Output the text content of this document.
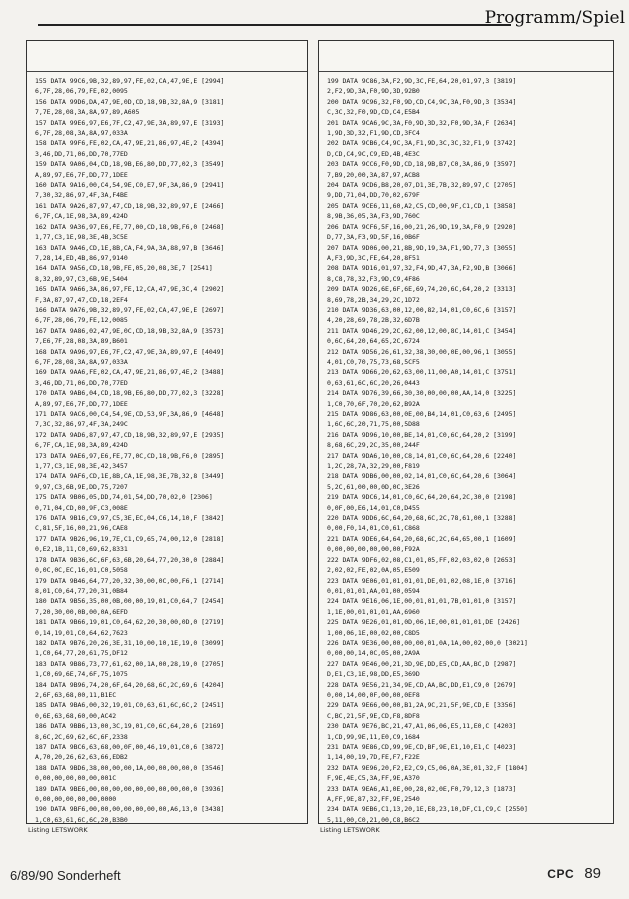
Programm/Spiel
155 DATA 99C6,9B,32,89,97,FE,02,CA,47,9E,E [2994]
6,7F,28,06,79,FE,02,0095
156 DATA 99D6,DA,47,9E,0D,CD,18,9B,32,8A,9 [3181]
7,7E,28,08,3A,8A,97,89,A605
157 DATA 99E6,97,E6,7F,C2,47,9E,3A,89,97,E [3193]
6,7F,28,08,3A,8A,97,033A
158 DATA 99F6,FE,02,CA,47,9E,21,86,97,4E,2 [4394]
3,46,DD,71,06,DD,70,77ED
159 DATA 9A06,04,CD,18,9B,E6,80,DD,77,02,3 [3549]
A,89,97,E6,7F,DD,77,1DEE
160 DATA 9A16,00,C4,54,9E,C0,E7,9F,3A,86,9 [2941]
7,30,32,86,97,4F,3A,F4BE
161 DATA 9A26,87,97,47,CD,18,9B,32,89,97,E [2466]
6,7F,CA,1E,98,3A,89,424D
162 DATA 9A36,97,E6,FE,77,00,CD,18,9B,F6,0 [2468]
1,77,C3,1E,98,3E,4B,3C5E
163 DATA 9A46,CD,1E,8B,CA,F4,9A,3A,88,97,B [3646]
7,28,14,ED,4B,86,97,9140
164 DATA 9A56,CD,18,9B,FE,05,20,08,3E,7 [2541]
8,32,89,97,C3,6B,9E,5404
165 DATA 9A66,3A,86,97,FE,12,CA,47,9E,3C,4 [2902]
F,3A,87,97,47,CD,18,2EF4
166 DATA 9A76,9B,32,89,97,FE,02,CA,47,9E,E [2697]
6,7F,28,06,79,FE,12,0085
167 DATA 9A86,02,47,9E,0C,CD,18,9B,32,8A,9 [3573]
7,E6,7F,28,08,3A,89,B601
168 DATA 9A96,97,E6,7F,C2,47,9E,3A,89,97,E [4049]
6,7F,28,08,3A,8A,97,033A
169 DATA 9AA6,FE,02,CA,47,9E,21,86,97,4E,2 [3488]
3,46,DD,71,06,DD,70,77ED
170 DATA 9AB6,04,CD,18,9B,E6,80,DD,77,02,3 [3228]
A,89,97,E6,7F,DD,77,1DEE
171 DATA 9AC6,00,C4,54,9E,CD,53,9F,3A,86,9 [4648]
7,3C,32,86,97,4F,3A,249C
172 DATA 9AD6,87,97,47,CD,18,9B,32,89,97,E [2935]
6,7F,CA,1E,98,3A,89,424D
173 DATA 9AE6,97,E6,FE,77,0C,CD,18,9B,F6,0 [2895]
1,77,C3,1E,98,3E,42,3457
174 DATA 9AF6,CD,1E,8B,CA,1E,98,3E,7B,32,8 [3449]
9,97,C3,6B,9E,DD,75,7207
175 DATA 9B06,05,DD,74,01,54,DD,70,02,0 [2306]
0,71,04,CD,00,9F,C3,008E
176 DATA 9B16,C9,97,C5,3E,EC,04,C6,14,10,F [3842]
C,81,5F,16,00,21,96,CAE8
177 DATA 9B26,96,19,7E,C1,C9,65,74,00,12,0 [2818]
0,E2,1B,11,C0,69,62,8331
178 DATA 9B36,6C,6F,63,6B,20,64,77,20,30,0 [2884]
0,0C,0C,EC,16,01,C0,5058
179 DATA 9B46,64,77,20,32,30,00,0C,00,F6,1 [2714]
8,01,C0,64,77,20,31,0B84
180 DATA 9B56,35,00,0B,00,00,19,01,C0,64,7 [2454]
7,20,30,00,0B,00,0A,6EFD
181 DATA 9B66,19,01,C0,64,62,20,30,00,0D,0 [2719]
0,14,19,01,C0,64,62,7623
182 DATA 9B76,20,26,3E,31,10,00,10,1E,19,0 [3099]
1,C0,64,77,20,61,75,DF12
183 DATA 9B86,73,77,61,62,00,1A,00,28,19,0 [2705]
1,C0,69,6E,74,6F,75,1075
184 DATA 9B96,74,20,6F,64,20,68,6C,2C,69,6 [4204]
2,6F,63,68,00,11,B1EC
185 DATA 9BA6,00,32,19,01,C0,63,61,6C,6C,2 [2451]
0,6E,63,68,60,00,AC42
186 DATA 9BB6,13,00,3C,19,01,C0,6C,64,20,6 [2169]
8,6C,2C,69,62,6C,6F,2338
187 DATA 9BC6,63,68,00,0F,00,46,19,01,C0,6 [3872]
A,70,20,26,62,63,66,EDB2
188 DATA 9BD6,38,00,00,00,1A,00,00,00,00,0 [3546]
0,00,00,00,00,00,001C
189 DATA 9BE6,00,00,00,00,00,00,00,00,00,0 [3936]
0,00,00,00,00,00,0000
190 DATA 9BF6,00,00,00,00,00,00,00,A6,13,0 [3438]
1,C0,63,61,6C,6C,20,B3B0
199 DATA 9C86,3A,F2,9D,3C,FE,64,20,01,97,3 [3819]
2,F2,9D,3A,F0,9D,3D,92B0
200 DATA 9C96,32,F0,9D,CD,C4,9C,3A,F0,9D,3 [3534]
C,3C,32,F0,9D,CD,C4,E5B4
201 DATA 9CA6,9C,3A,F0,9D,3D,32,F0,9D,3A,F [2634]
1,9D,3D,32,F1,9D,CD,3FC4
202 DATA 9CB6,C4,9C,3A,F1,9D,3C,3C,32,F1,9 [3742]
D,CD,C4,9C,C9,ED,4B,4E3C
203 DATA 9CC6,F0,9D,CD,18,9B,B7,C0,3A,86,9 [3597]
7,B9,20,00,3A,87,97,ACB8
204 DATA 9CD6,B8,20,07,D1,3E,7B,32,89,97,C [2705]
9,DD,71,04,DD,70,02,679F
205 DATA 9CE6,11,60,A2,C5,CD,00,9F,C1,CD,1 [3858]
8,9B,36,05,3A,F3,9D,760C
206 DATA 9CF6,5F,16,00,21,26,9D,19,3A,F0,9 [2920]
D,77,3A,F3,9D,5F,16,0B6F
207 DATA 9D06,00,21,8B,9D,19,3A,F1,9D,77,3 [3055]
A,F3,9D,3C,FE,64,20,8F51
208 DATA 9D16,01,97,32,F4,9D,47,3A,F2,9D,B [3066]
8,C8,78,32,F3,9D,C9,4F86
209 DATA 9D26,6E,6F,6E,69,74,20,6C,64,20,2 [3313]
8,69,78,2B,34,29,2C,1D72
210 DATA 9D36,63,00,12,00,82,14,01,C0,6C,6 [3157]
4,20,28,69,78,2B,32,6D7B
211 DATA 9D46,29,2C,62,00,12,00,8C,14,01,C [3454]
0,6C,64,20,64,65,2C,6724
212 DATA 9D56,26,61,32,38,30,00,0E,00,96,1 [3055]
4,01,C0,70,75,73,68,5CF5
213 DATA 9D66,20,62,63,00,11,00,A0,14,01,C [3751]
0,63,61,6C,6C,20,26,0443
214 DATA 9D76,39,66,30,30,00,00,00,AA,14,0 [3225]
1,C0,70,6F,70,20,62,B92A
215 DATA 9D86,63,00,0E,00,B4,14,01,C0,63,6 [2495]
1,6C,6C,20,71,75,00,5D88
216 DATA 9D96,10,00,BE,14,01,C0,6C,64,20,2 [3199]
8,68,6C,29,2C,35,00,244F
217 DATA 9DA6,10,00,C8,14,01,C0,6C,64,20,6 [2240]
1,2C,28,7A,32,29,00,F819
218 DATA 9DB6,00,00,02,14,01,C0,6C,64,20,6 [3064]
5,2C,61,00,00,0D,0C,3E26
219 DATA 9DC6,14,01,C0,6C,64,20,64,2C,30,0 [2198]
0,0F,00,E6,14,01,C0,D455
220 DATA 9DD6,6C,64,20,68,6C,2C,78,61,00,1 [3288]
0,00,F0,14,01,C0,61,C868
221 DATA 9DE6,64,64,20,68,6C,2C,64,65,00,1 [1609]
0,00,00,00,00,00,00,F92A
222 DATA 9DF6,02,08,C1,01,05,FF,02,03,02,0 [2653]
2,02,02,FE,02,0A,05,E509
223 DATA 9E06,01,01,01,01,DE,01,02,08,1E,0 [3716]
0,01,01,01,AA,01,00,0594
224 DATA 9E16,06,1E,00,01,01,01,7B,01,01,0 [3157]
1,1E,00,01,01,01,AA,6960
225 DATA 9E26,01,01,0D,06,1E,00,01,01,01,DE [2426]
1,00,06,1E,00,02,00,C8D5
226 DATA 9E36,00,00,00,00,01,0A,1A,00,02,00,0 [3021]
0,00,00,14,0C,05,00,2A9A
227 DATA 9E46,00,21,3D,9E,DD,E5,CD,AA,BC,D [2987]
D,E1,C3,1E,98,DD,E5,369D
228 DATA 9E56,21,34,9E,CD,AA,BC,DD,E1,C9,0 [2679]
0,00,14,00,0F,00,00,0EF8
229 DATA 9E66,00,00,B1,2A,9C,21,5F,9E,CD,E [3356]
C,BC,21,5F,9E,CD,F8,8DF8
230 DATA 9E76,BC,21,47,A1,06,06,E5,11,E0,C [4203]
1,CD,99,9E,11,E0,C9,1684
231 DATA 9E86,CD,99,9E,CD,BF,9E,E1,10,E1,C [4023]
1,14,00,19,7D,FE,F7,F22E
232 DATA 9E96,20,F2,E2,C9,C5,06,0A,3E,01,32,F [1804]
F,9E,4E,C5,3A,FF,9E,A370
233 DATA 9EA6,A1,0E,00,28,02,0E,F0,79,12,3 [1873]
A,FF,9E,87,32,FF,9E,2540
234 DATA 9EB6,C1,13,20,1E,E8,23,10,DF,C1,C9,C [2550]
5,11,00,C0,21,00,C8,B6C2
Listing LETSWORK	Listing LETSWORK
6/89/90 Sonderheft	CPC 89
